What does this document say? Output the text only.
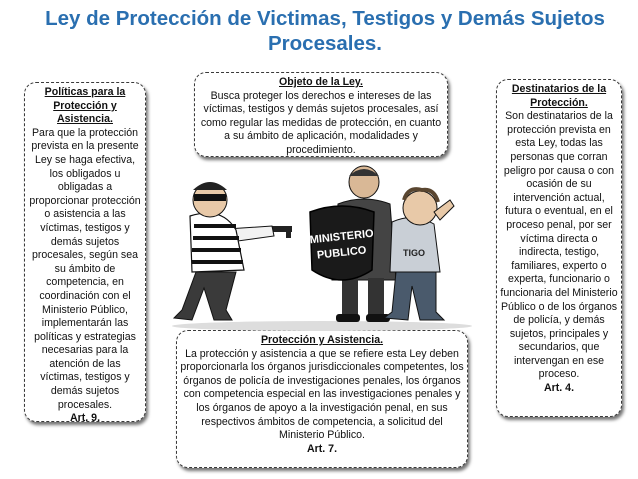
Ley de Protección de Victimas, Testigos y Demás Sujetos Procesales.
Políticas para la Protección y Asistencia.
Para que la protección prevista en la presente Ley se haga efectiva, los obligados u obligadas a proporcionar protección o asistencia a las víctimas, testigos y demás sujetos procesales, según sea su ámbito de competencia, en coordinación con el Ministerio Público, implementarán las políticas y estrategias necesarias para la atención de las víctimas, testigos y demás sujetos procesales.
Art. 9.
Objeto de la Ley.
Busca proteger los derechos e intereses de las víctimas, testigos y demás sujetos procesales, así como regular las medidas de protección, en cuanto a su ámbito de aplicación, modalidades y procedimiento.
Destinatarios de la Protección.
Son destinatarios de la protección prevista en esta Ley, todas las personas que corran peligro por causa o con ocasión de su intervención actual, futura o eventual, en el proceso penal, por ser víctima directa o indirecta, testigo, familiares, experto o experta, funcionario o funcionaria del Ministerio Público o de los órganos de policía, y demás sujetos, principales y secundarios, que intervengan en ese proceso.
Art. 4.
Protección y Asistencia.
La protección y asistencia a que se refiere esta Ley deben proporcionarla los órganos jurisdiccionales competentes, los órganos de policía de investigaciones penales, los órganos con competencia especial en las investigaciones penales y los órganos de apoyo a la investigación penal, en sus respectivos ámbitos de competencia, a solicitud del Ministerio Público.
Art. 7.
MINISTERIO
PUBLICO	TIGO
